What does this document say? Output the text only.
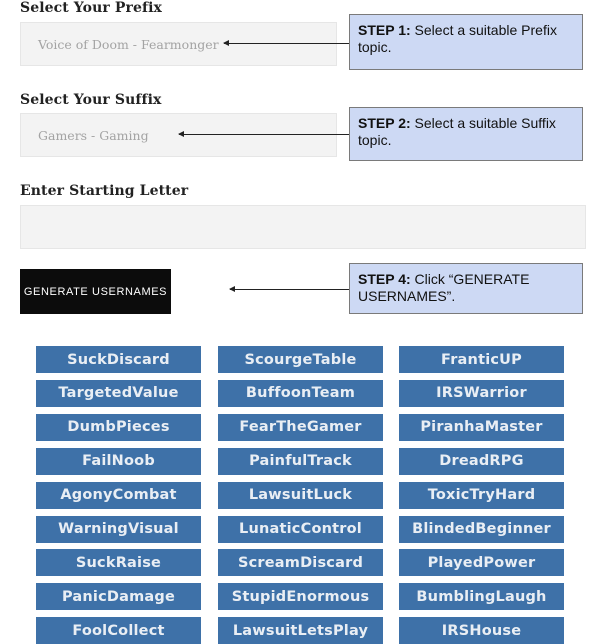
Select Your Prefix
Voice of Doom - Fearmonger
Select Your Suffix
Gamers - Gaming
Enter Starting Letter
GENERATE USERNAMES
STEP 1: Select a suitable Prefix topic.
STEP 2: Select a suitable Suffix topic.
STEP 4: Click “GENERATE USERNAMES”.
SuckDiscard	ScourgeTable	FranticUP
TargetedValue	BuffoonTeam	IRSWarrior
DumbPieces	FearTheGamer	PiranhaMaster
FailNoob	PainfulTrack	DreadRPG
AgonyCombat	LawsuitLuck	ToxicTryHard
WarningVisual	LunaticControl	BlindedBeginner
SuckRaise	ScreamDiscard	PlayedPower
PanicDamage	StupidEnormous	BumblingLaugh
FoolCollect	LawsuitLetsPlay	IRSHouse
